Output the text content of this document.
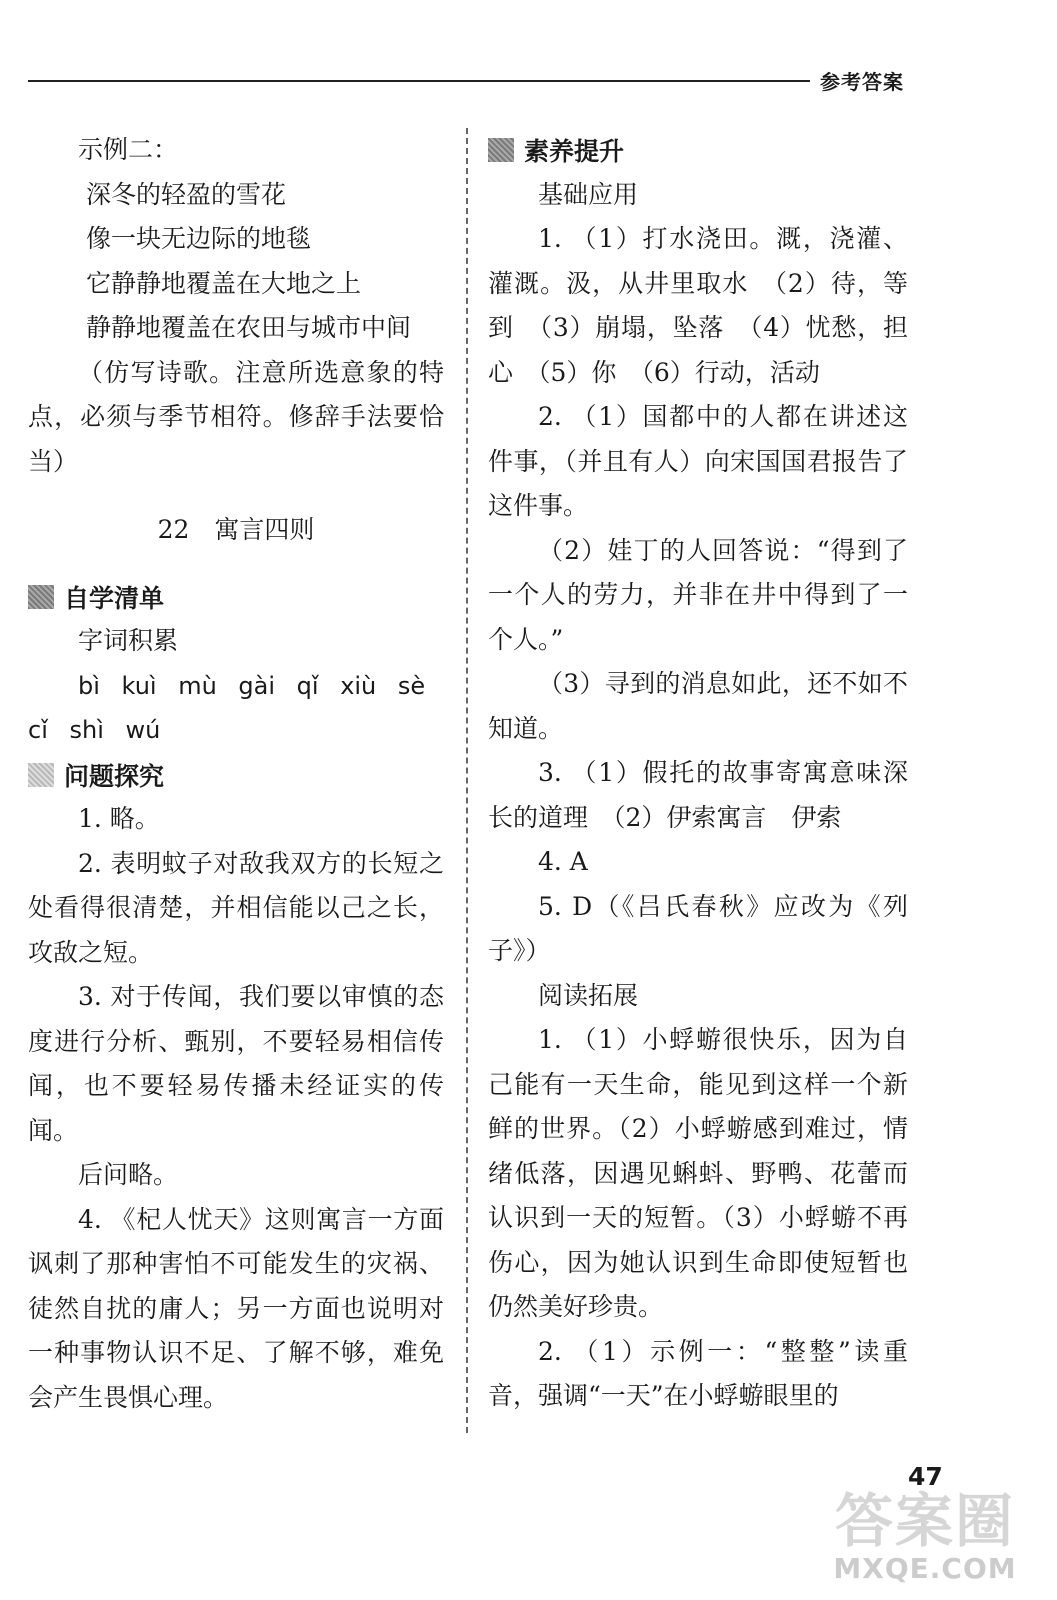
参考答案
示例二：
深冬的轻盈的雪花
像一块无边际的地毯
它静静地覆盖在大地之上
静静地覆盖在农田与城市中间

（仿写诗歌。注意所选意象的特点，必须与季节相符。修辞手法要恰当）

22　寓言四则
自学清单
字词积累
bì kuì mù gài qǐ xiù sè
cǐ shì wú
问题探究

1. 略。

2. 表明蚊子对敌我双方的长短之处看得很清楚，并相信能以己之长，攻敌之短。

3. 对于传闻，我们要以审慎的态度进行分析、甄别，不要轻易相信传闻，也不要轻易传播未经证实的传闻。

后问略。

4. 《杞人忧天》这则寓言一方面讽刺了那种害怕不可能发生的灾祸、徒然自扰的庸人；另一方面也说明对一种事物认识不足、了解不够，难免会产生畏惧心理。

素养提升
基础应用

1. （1）打水浇田。溉，浇灌、灌溉。汲，从井里取水　（2）待，等到　（3）崩塌，坠落　（4）忧愁，担心　（5）你　（6）行动，活动

2. （1）国都中的人都在讲述这件事，（并且有人）向宋国国君报告了这件事。

（2）娃丁的人回答说：“得到了一个人的劳力，并非在井中得到了一个人。”

（3）寻到的消息如此，还不如不知道。

3. （1）假托的故事寄寓意味深长的道理　（2）伊索寓言　伊索

4. A

5. D（《吕氏春秋》应改为《列子》）

阅读拓展

1. （1）小蜉蝣很快乐，因为自己能有一天生命，能见到这样一个新鲜的世界。（2）小蜉蝣感到难过，情绪低落，因遇见蝌蚪、野鸭、花蕾而认识到一天的短暂。（3）小蜉蝣不再伤心，因为她认识到生命即使短暂也仍然美好珍贵。

2. （1）示例一：“整整”读重音，强调“一天”在小蜉蝣眼里的

47
答案圈
MXQE.COM
